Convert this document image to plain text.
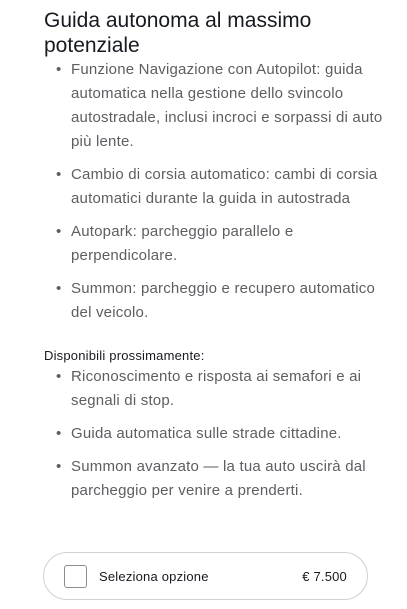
Guida autonoma al massimo potenziale
• Funzione Navigazione con Autopilot: guida automatica nella gestione dello svincolo autostradale, inclusi incroci e sorpassi di auto più lente.
• Cambio di corsia automatico: cambi di corsia automatici durante la guida in autostrada
• Autopark: parcheggio parallelo e perpendicolare.
• Summon: parcheggio e recupero automatico del veicolo.

Disponibili prossimamente:

• Riconoscimento e risposta ai semafori e ai segnali di stop.
• Guida automatica sulle strade cittadine.
• Summon avanzato — la tua auto uscirà dal parcheggio per venire a prenderti.
Seleziona opzione	€ 7.500
